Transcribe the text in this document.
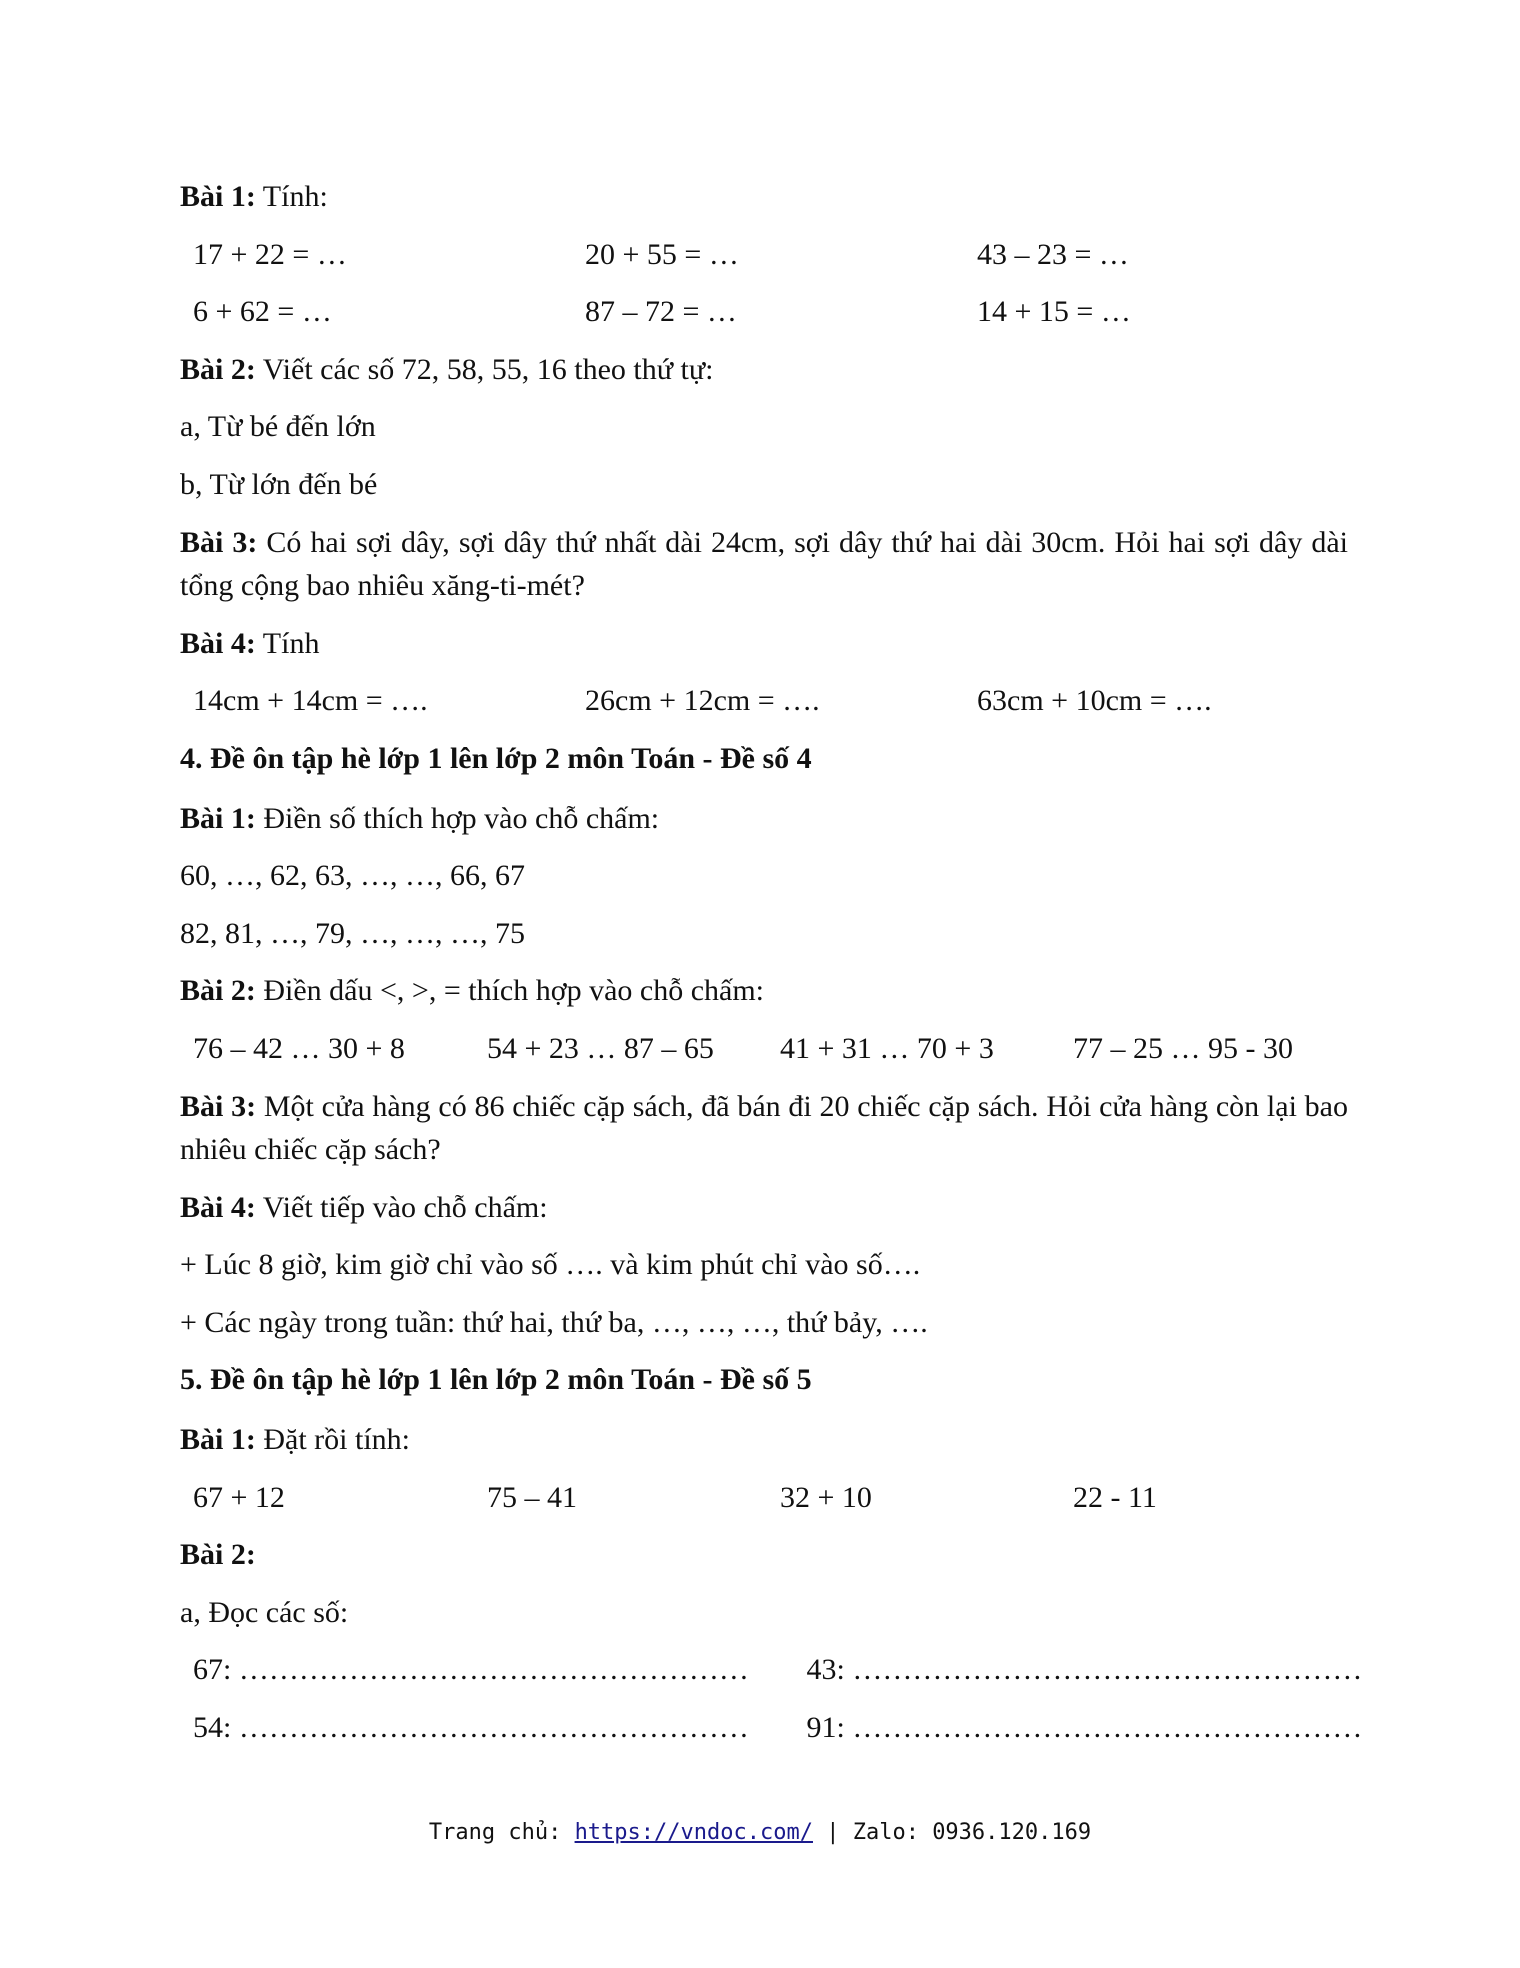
Bài 1: Tính:
17 + 22 = …	20 + 55 = …	43 – 23 = …
6 + 62 = …	87 – 72 = …	14 + 15 = …
Bài 2: Viết các số 72, 58, 55, 16 theo thứ tự:
a, Từ bé đến lớn
b, Từ lớn đến bé
Bài 3: Có hai sợi dây, sợi dây thứ nhất dài 24cm, sợi dây thứ hai dài 30cm. Hỏi hai sợi dây dài tổng cộng bao nhiêu xăng-ti-mét?
Bài 4: Tính
14cm + 14cm = ….	26cm + 12cm = ….	63cm + 10cm = ….
4. Đề ôn tập hè lớp 1 lên lớp 2 môn Toán - Đề số 4
Bài 1: Điền số thích hợp vào chỗ chấm:
60, …, 62, 63, …, …, 66, 67
82, 81, …, 79, …, …, …, 75
Bài 2: Điền dấu <, >, = thích hợp vào chỗ chấm:
76 – 42 … 30 + 8	54 + 23 … 87 – 65	41 + 31 … 70 + 3	77 – 25 … 95 - 30
Bài 3: Một cửa hàng có 86 chiếc cặp sách, đã bán đi 20 chiếc cặp sách. Hỏi cửa hàng còn lại bao nhiêu chiếc cặp sách?
Bài 4: Viết tiếp vào chỗ chấm:
+ Lúc 8 giờ, kim giờ chỉ vào số …. và kim phút chỉ vào số….
+ Các ngày trong tuần: thứ hai, thứ ba, …, …, …, thứ bảy, ….
5. Đề ôn tập hè lớp 1 lên lớp 2 môn Toán - Đề số 5
Bài 1: Đặt rồi tính:
67 + 12	75 – 41	32 + 10	22 - 11
Bài 2:
a, Đọc các số:
67: ……………………………………………	43: ……………………………………………
54: ……………………………………………	91: ……………………………………………
Trang chủ: https://vndoc.com/ | Zalo: 0936.120.169
